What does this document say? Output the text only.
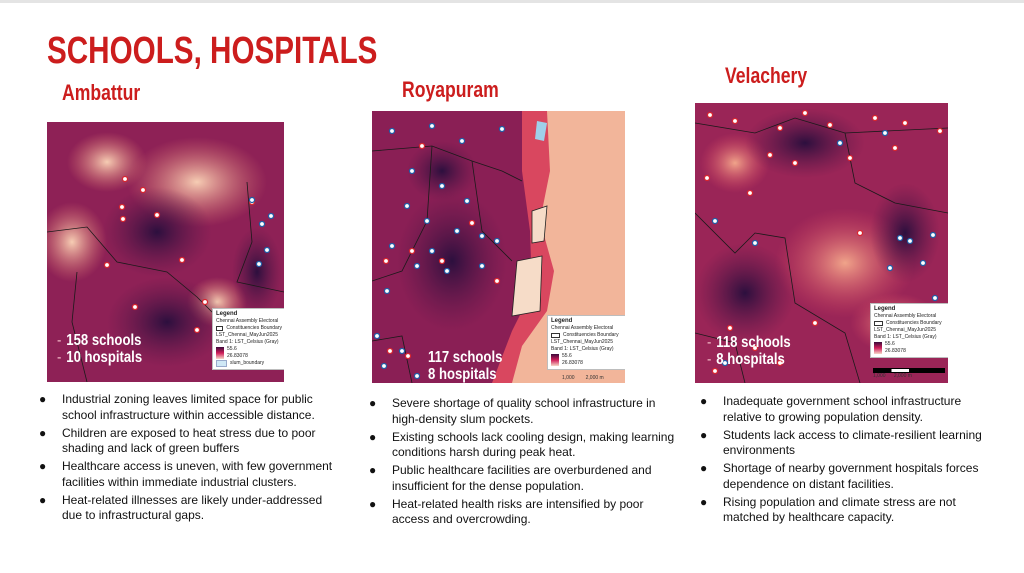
SCHOOLS, HOSPITALS
Ambattur
Legend
Chennai Assembly Electoral
Constituencies Boundary
LST_Chennai_MayJun2025
Band 1: LST_Celsius (Gray)
55.6
26.83078
slum_boundary
- 158 schools
- 10 hospitals
● Industrial zoning leaves limited space for public school infrastructure within accessible distance.
● Children are exposed to heat stress due to poor shading and lack of green buffers
● Healthcare access is uneven, with few government facilities within immediate industrial clusters.
● Heat-related illnesses are likely under-addressed due to infrastructural gaps.
Royapuram
Legend
Chennai Assembly Electoral
Constituencies Boundary
LST_Chennai_MayJun2025
Band 1: LST_Celsius (Gray)
55.6
26.83078
1,000 2,000 m
117 schools
8 hospitals
● Severe shortage of quality school infrastructure in high-density slum pockets.
● Existing schools lack cooling design, making learning conditions harsh during peak heat.
● Public healthcare facilities are overburdened and insufficient for the dense population.
● Heat-related health risks are intensified by poor access and overcrowding.
Velachery
Legend
Chennai Assembly Electoral
Constituencies Boundary
LST_Chennai_MayJun2025
Band 1: LST_Celsius (Gray)
55.6
26.83078
1,000 2,000 m
- 118 schools
- 8 hospitals
● Inadequate government school infrastructure relative to growing population density.
● Students lack access to climate-resilient learning environments
● Shortage of nearby government hospitals forces dependence on distant facilities.
● Rising population and climate stress are not matched by healthcare capacity.
